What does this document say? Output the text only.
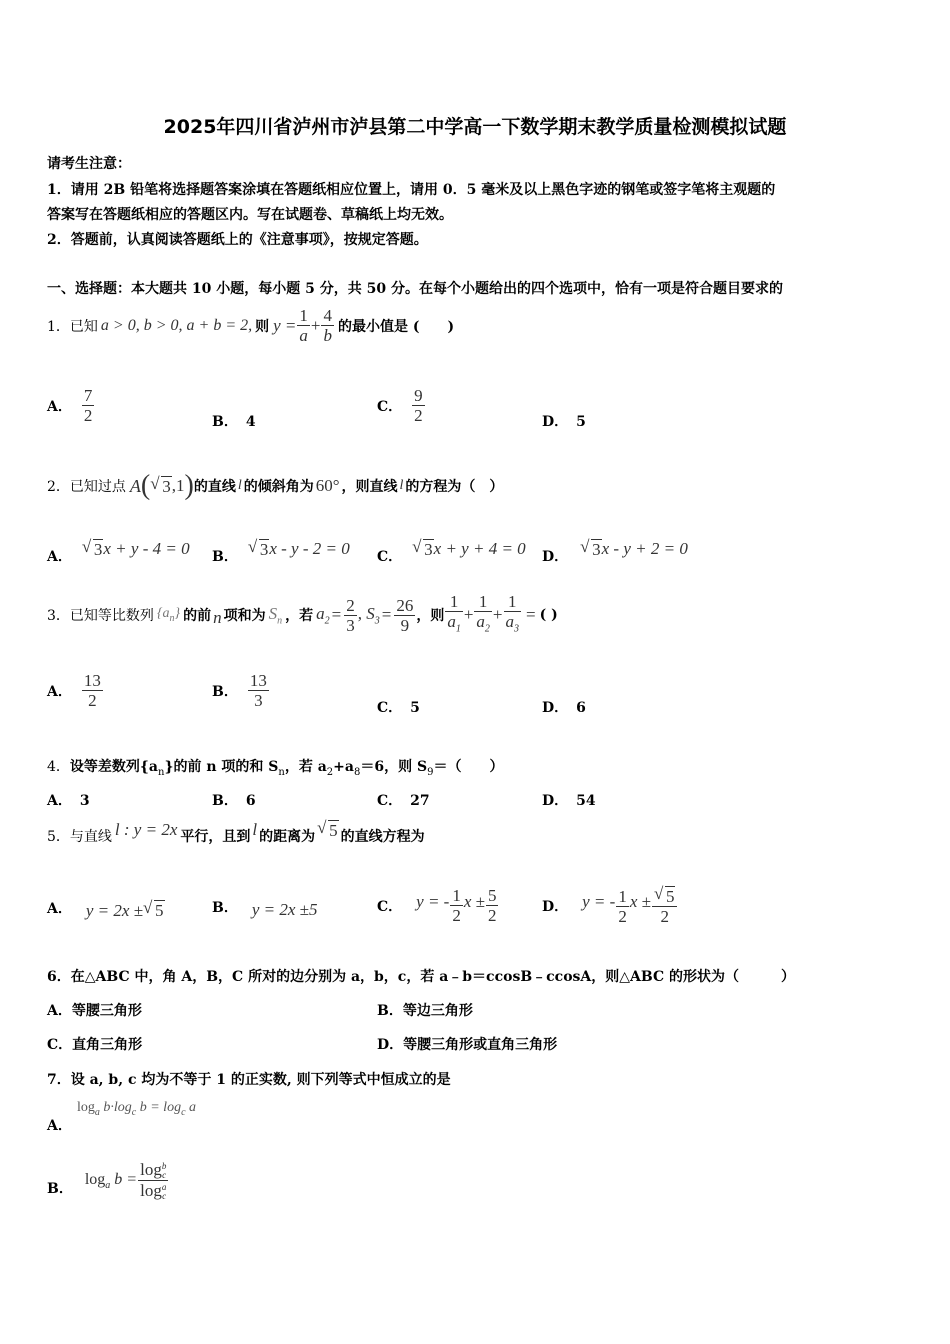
2025年四川省泸州市泸县第二中学高一下数学期末教学质量检测模拟试题
请考生注意：
1．请用 2B 铅笔将选择题答案涂填在答题纸相应位置上，请用 0．5 毫米及以上黑色字迹的钢笔或签字笔将主观题的
答案写在答题纸相应的答题区内。写在试题卷、草稿纸上均无效。
2．答题前，认真阅读答题纸上的《注意事项》，按规定答题。
一、选择题：本大题共 10 小题，每小题 5 分，共 50 分。在每个小题给出的四个选项中，恰有一项是符合题目要求的
1．已知 a > 0, b > 0, a + b = 2, 则 $y = \frac{1}{a} + \frac{4}{b}$ 的最小值是 (　　)
A． $\frac{7}{2}$	B． 4
C． $\frac{9}{2}$	D． 5
2．已知过点 A ( √ 3 ,1 ) 的直线 l 的倾斜角为 60° ，则直线 l 的方程为（　）
A．	√ 3 x + y - 4 = 0 B．	√ 3 x - y - 2 = 0 C．	√ 3 x + y + 4 = 0 D．	√ 3 x - y + 2 = 0
3．已知等比数列 $\{a_n\}$ 的前 n 项和为 $S_n$ ，若 $a_2 = \frac{2}{3}$ , $S_3 = \frac{26}{9}$ ，则 $\frac{1}{a_1} + \frac{1}{a_2} + \frac{1}{a_3}$ = ( )
A． $\frac{13}{2}$	B． $\frac{13}{3}$	C． 5	D． 6
4．设等差数列$\{a_n\}$的前 n 项的和 $S_n$，若 $a_2+a_8=6$，则 $S_9=$（　　）
A． 3	B． 6	C． 27	D． 54
5．与直线 l : y = 2x 平行，且到 l 的距离为 √ 5 的直线方程为
A． y = 2x ± √ 5	B． y = 2x ±5	C． y = - $\frac{1}{2}$ $x \pm \frac{5}{2}$	D． y = - $\frac{1}{2}$ x ± √ $\frac{5}{2}$
6．在△ABC 中，角 A，B，C 所对的边分别为 a，b，c，若 a﹣b＝ccosB﹣ccosA，则△ABC 的形状为（　　　）
A．等腰三角形	B．等边三角形
C．直角三角形	D．等腰三角形或直角三角形
7．设 a, b, c 均为不等于 1 的正实数, 则下列等式中恒成立的是
A．
$\log_a b\cdot\log_c$ $b = \log_c a$
B．
$\log_a b = \log b$
c
log a
c
